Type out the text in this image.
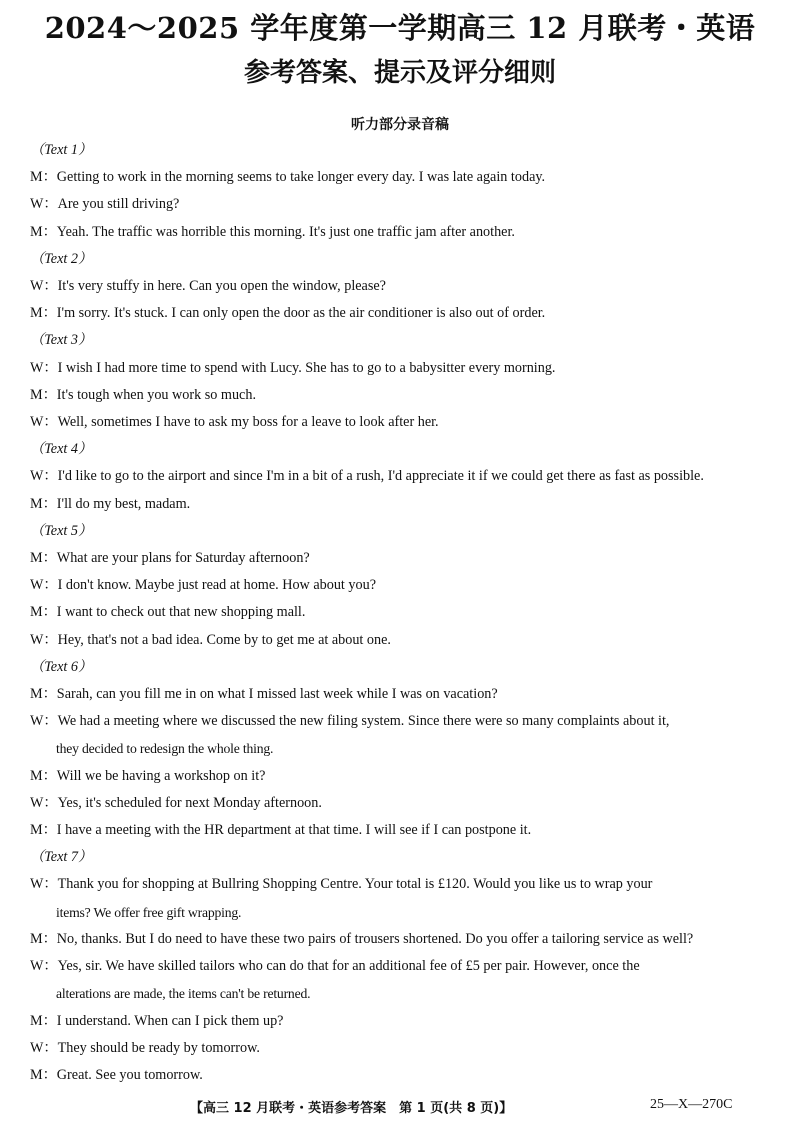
2024～2025 学年度第一学期高三 12 月联考・英语
参考答案、提示及评分细则
听力部分录音稿
（Text 1）
M：Getting to work in the morning seems to take longer every day. I was late again today.
W：Are you still driving?
M：Yeah. The traffic was horrible this morning. It's just one traffic jam after another.
（Text 2）
W：It's very stuffy in here. Can you open the window, please?
M：I'm sorry. It's stuck. I can only open the door as the air conditioner is also out of order.
（Text 3）
W：I wish I had more time to spend with Lucy. She has to go to a babysitter every morning.
M：It's tough when you work so much.
W：Well, sometimes I have to ask my boss for a leave to look after her.
（Text 4）
W：I'd like to go to the airport and since I'm in a bit of a rush, I'd appreciate it if we could get there as fast as possible.
M：I'll do my best, madam.
（Text 5）
M：What are your plans for Saturday afternoon?
W：I don't know. Maybe just read at home. How about you?
M：I want to check out that new shopping mall.
W：Hey, that's not a bad idea. Come by to get me at about one.
（Text 6）
M：Sarah, can you fill me in on what I missed last week while I was on vacation?
W：We had a meeting where we discussed the new filing system. Since there were so many complaints about it,
they decided to redesign the whole thing.
M：Will we be having a workshop on it?
W：Yes, it's scheduled for next Monday afternoon.
M：I have a meeting with the HR department at that time. I will see if I can postpone it.
（Text 7）
W：Thank you for shopping at Bullring Shopping Centre. Your total is £120. Would you like us to wrap your
items? We offer free gift wrapping.
M：No, thanks. But I do need to have these two pairs of trousers shortened. Do you offer a tailoring service as well?
W：Yes, sir. We have skilled tailors who can do that for an additional fee of £5 per pair. However, once the
alterations are made, the items can't be returned.
M：I understand. When can I pick them up?
W：They should be ready by tomorrow.
M：Great. See you tomorrow.
【高三 12 月联考・英语参考答案　第 1 页(共 8 页)】	25—X—270C
